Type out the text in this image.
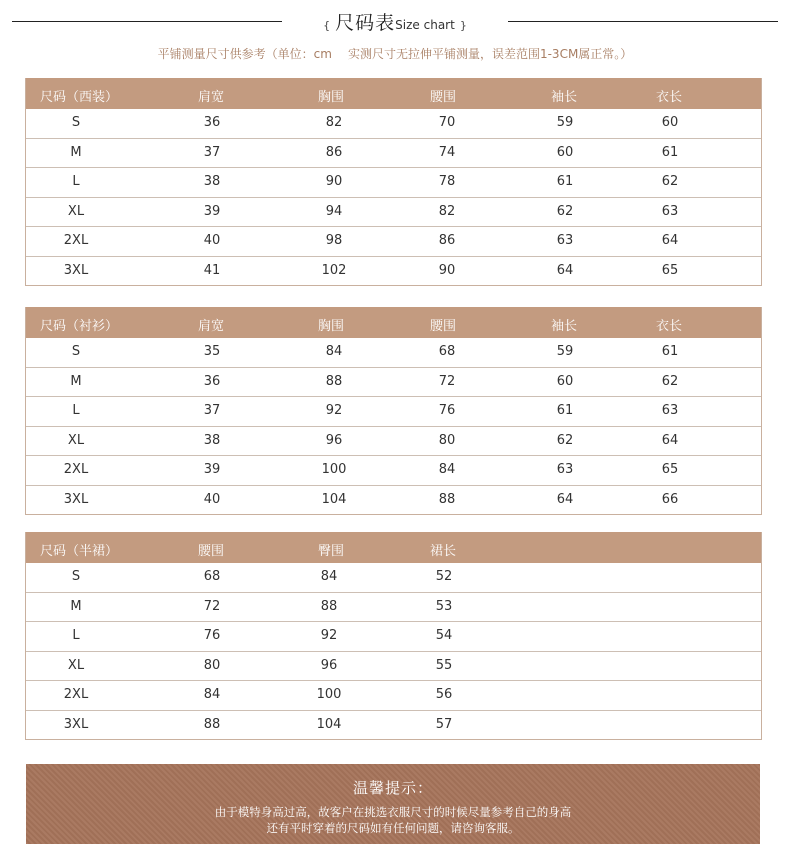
{ 尺码表Size chart }
平铺测量尺寸供参考（单位：cm 实测尺寸无拉伸平铺测量，误差范围1-3CM属正常。）
尺码（西装）	肩宽	胸围	腰围	袖长	衣长
S	36	82	70	59	60
M	37	86	74	60	61
L	38	90	78	61	62
XL	39	94	82	62	63
2XL	40	98	86	63	64
3XL	41	102	90	64	65
尺码（衬衫）	肩宽	胸围	腰围	袖长	衣长
S	35	84	68	59	61
M	36	88	72	60	62
L	37	92	76	61	63
XL	38	96	80	62	64
2XL	39	100	84	63	65
3XL	40	104	88	64	66
尺码（半裙）	腰围	臀围	裙长
S	68	84	52
M	72	88	53
L	76	92	54
XL	80	96	55
2XL	84	100	56
3XL	88	104	57
温馨提示：
由于模特身高过高，故客户在挑选衣服尺寸的时候尽量参考自己的身高
还有平时穿着的尺码如有任何问题，请咨询客服。
